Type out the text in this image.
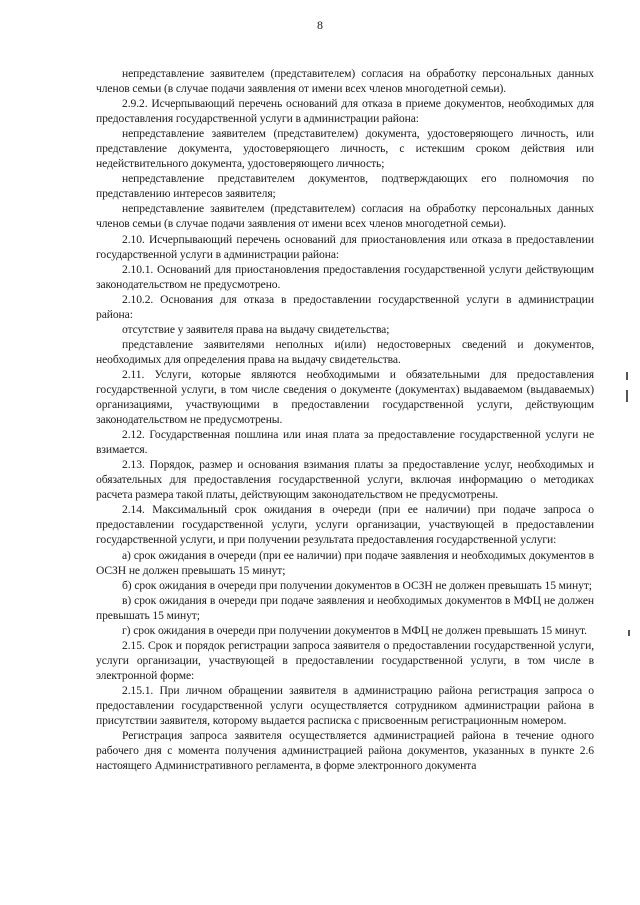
8

непредставление заявителем (представителем) согласия на обработку персональных данных членов семьи (в случае подачи заявления от имени всех членов многодетной семьи).

2.9.2. Исчерпывающий перечень оснований для отказа в приеме документов, необходимых для предоставления государственной услуги в администрации района:

непредставление заявителем (представителем) документа, удостоверяющего личность, или представление документа, удостоверяющего личность, с истекшим сроком действия или недействительного документа, удостоверяющего личность;

непредставление представителем документов, подтверждающих его полномочия по представлению интересов заявителя;

непредставление заявителем (представителем) согласия на обработку персональных данных членов семьи (в случае подачи заявления от имени всех членов многодетной семьи).

2.10. Исчерпывающий перечень оснований для приостановления или отказа в предоставлении государственной услуги в администрации района:

2.10.1. Оснований для приостановления предоставления государственной услуги действующим законодательством не предусмотрено.

2.10.2. Основания для отказа в предоставлении государственной услуги в администрации района:

отсутствие у заявителя права на выдачу свидетельства;

представление заявителями неполных и(или) недостоверных сведений и документов, необходимых для определения права на выдачу свидетельства.

2.11. Услуги, которые являются необходимыми и обязательными для предоставления государственной услуги, в том числе сведения о документе (документах) выдаваемом (выдаваемых) организациями, участвующими в предоставлении государственной услуги, действующим законодательством не предусмотрены.

2.12. Государственная пошлина или иная плата за предоставление государственной услуги не взимается.

2.13. Порядок, размер и основания взимания платы за предоставление услуг, необходимых и обязательных для предоставления государственной услуги, включая информацию о методиках расчета размера такой платы, действующим законодательством не предусмотрены.

2.14. Максимальный срок ожидания в очереди (при ее наличии) при подаче запроса о предоставлении государственной услуги, услуги организации, участвующей в предоставлении государственной услуги, и при получении результата предоставления государственной услуги:

а) срок ожидания в очереди (при ее наличии) при подаче заявления и необходимых документов в ОСЗН не должен превышать 15 минут;

б) срок ожидания в очереди при получении документов в ОСЗН не должен превышать 15 минут;

в) срок ожидания в очереди при подаче заявления и необходимых документов в МФЦ не должен превышать 15 минут;

г) срок ожидания в очереди при получении документов в МФЦ не должен превышать 15 минут.

2.15. Срок и порядок регистрации запроса заявителя о предоставлении государственной услуги, услуги организации, участвующей в предоставлении государственной услуги, в том числе в электронной форме:

2.15.1. При личном обращении заявителя в администрацию района регистрация запроса о предоставлении государственной услуги осуществляется сотрудником администрации района в присутствии заявителя, которому выдается расписка с присвоенным регистрационным номером.

Регистрация запроса заявителя осуществляется администрацией района в течение одного рабочего дня с момента получения администрацией района документов, указанных в пункте 2.6 настоящего Административного регламента, в форме электронного документа
